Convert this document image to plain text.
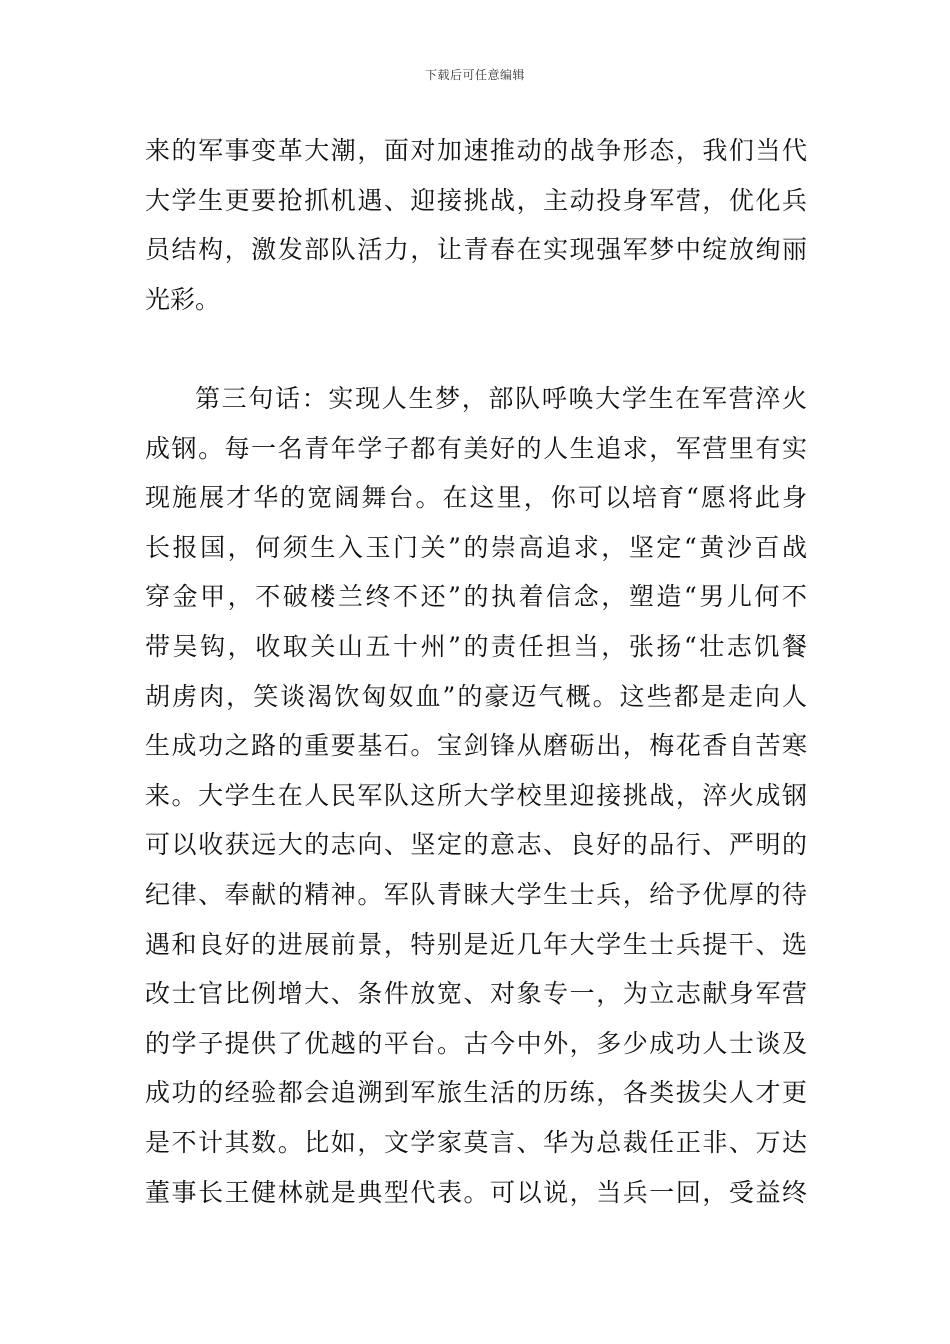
下载后可任意编辑
来的军事变革大潮，面对加速推动的战争形态，我们当代
大学生更要抢抓机遇、迎接挑战，主动投身军营，优化兵
员结构，激发部队活力，让青春在实现强军梦中绽放绚丽
光彩。
第三句话：实现人生梦，部队呼唤大学生在军营淬火
成钢。每一名青年学子都有美好的人生追求，军营里有实
现施展才华的宽阔舞台。在这里，你可以培育“愿将此身
长报国，何须生入玉门关”的崇高追求，坚定“黄沙百战
穿金甲，不破楼兰终不还”的执着信念，塑造“男儿何不
带吴钩，收取关山五十州”的责任担当，张扬“壮志饥餐
胡虏肉，笑谈渴饮匈奴血”的豪迈气概。这些都是走向人
生成功之路的重要基石。宝剑锋从磨砺出，梅花香自苦寒
来。大学生在人民军队这所大学校里迎接挑战，淬火成钢
可以收获远大的志向、坚定的意志、良好的品行、严明的
纪律、奉献的精神。军队青睐大学生士兵，给予优厚的待
遇和良好的进展前景，特别是近几年大学生士兵提干、选
改士官比例增大、条件放宽、对象专一，为立志献身军营
的学子提供了优越的平台。古今中外，多少成功人士谈及
成功的经验都会追溯到军旅生活的历练，各类拔尖人才更
是不计其数。比如，文学家莫言、华为总裁任正非、万达
董事长王健林就是典型代表。可以说，当兵一回，受益终
